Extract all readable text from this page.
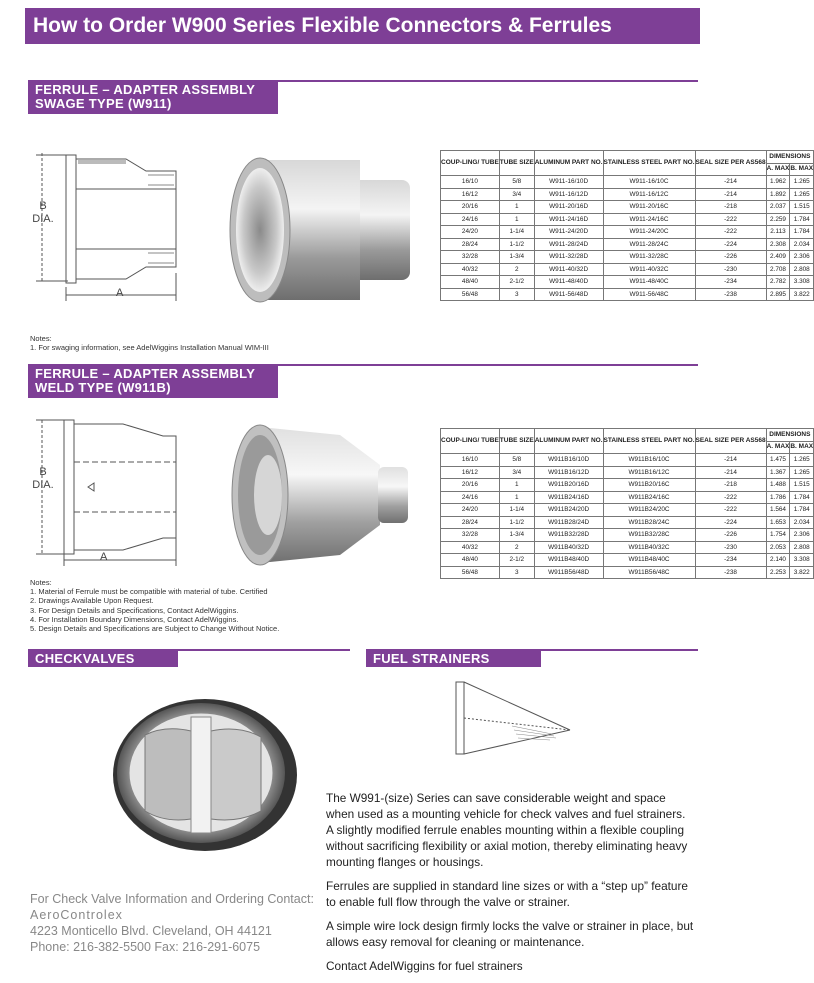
How to Order W900 Series Flexible Connectors & Ferrules
FERRULE – ADAPTER ASSEMBLY
SWAGE TYPE (W911)
B
DIA.
A
COUP-LING/ TUBE	TUBE SIZE	ALUMINUM PART NO.	STAINLESS STEEL PART NO.	SEAL SIZE PER AS568	DIMENSIONS	
					A. MAX	B. MAX
16/10	5/8	W911-16/10D	W911-16/10C	-214	1.962	1.265
16/12	3/4	W911-16/12D	W911-16/12C	-214	1.892	1.265
20/16	1	W911-20/16D	W911-20/16C	-218	2.037	1.515
24/16	1	W911-24/16D	W911-24/16C	-222	2.259	1.784
24/20	1-1/4	W911-24/20D	W911-24/20C	-222	2.113	1.784
28/24	1-1/2	W911-28/24D	W911-28/24C	-224	2.308	2.034
32/28	1-3/4	W911-32/28D	W911-32/28C	-226	2.409	2.306
40/32	2	W911-40/32D	W911-40/32C	-230	2.708	2.808
48/40	2-1/2	W911-48/40D	W911-48/40C	-234	2.782	3.308
56/48	3	W911-56/48D	W911-56/48C	-238	2.895	3.822
Notes:
1. For swaging information, see AdelWiggins Installation Manual WIM-III
FERRULE – ADAPTER ASSEMBLY
WELD TYPE (W911B)
B
DIA.
A
COUP-LING/ TUBE	TUBE SIZE	ALUMINUM PART NO.	STAINLESS STEEL PART NO.	SEAL SIZE PER AS568	DIMENSIONS	
					A. MAX	B. MAX
16/10	5/8	W911B16/10D	W911B16/10C	-214	1.475	1.265
16/12	3/4	W911B16/12D	W911B16/12C	-214	1.367	1.265
20/16	1	W911B20/16D	W911B20/16C	-218	1.488	1.515
24/16	1	W911B24/16D	W911B24/16C	-222	1.786	1.784
24/20	1-1/4	W911B24/20D	W911B24/20C	-222	1.564	1.784
28/24	1-1/2	W911B28/24D	W911B28/24C	-224	1.653	2.034
32/28	1-3/4	W911B32/28D	W911B32/28C	-226	1.754	2.306
40/32	2	W911B40/32D	W911B40/32C	-230	2.053	2.808
48/40	2-1/2	W911B48/40D	W911B48/40C	-234	2.140	3.308
56/48	3	W911B56/48D	W911B56/48C	-238	2.253	3.822
Notes:
1. Material of Ferrule must be compatible with material of tube. Certified
2. Drawings Available Upon Request.
3. For Design Details and Specifications, Contact AdelWiggins.
4. For Installation Boundary Dimensions, Contact AdelWiggins.
5. Design Details and Specifications are Subject to Change Without Notice.
CHECKVALVES
For Check Valve Information and Ordering Contact:
AeroControlex
4223 Monticello Blvd. Cleveland, OH 44121
Phone: 216-382-5500 Fax: 216-291-6075
FUEL STRAINERS
The W991-(size) Series can save considerable weight and space when used as a mounting vehicle for check valves and fuel strainers. A slightly modified ferrule enables mounting within a flexible coupling without sacrificing flexibility or axial motion, thereby eliminating heavy mounting flanges or housings.
Ferrules are supplied in standard line sizes or with a “step up” feature to enable full flow through the valve or strainer.
A simple wire lock design firmly locks the valve or strainer in place, but allows easy removal for cleaning or maintenance.
Contact AdelWiggins for fuel strainers
